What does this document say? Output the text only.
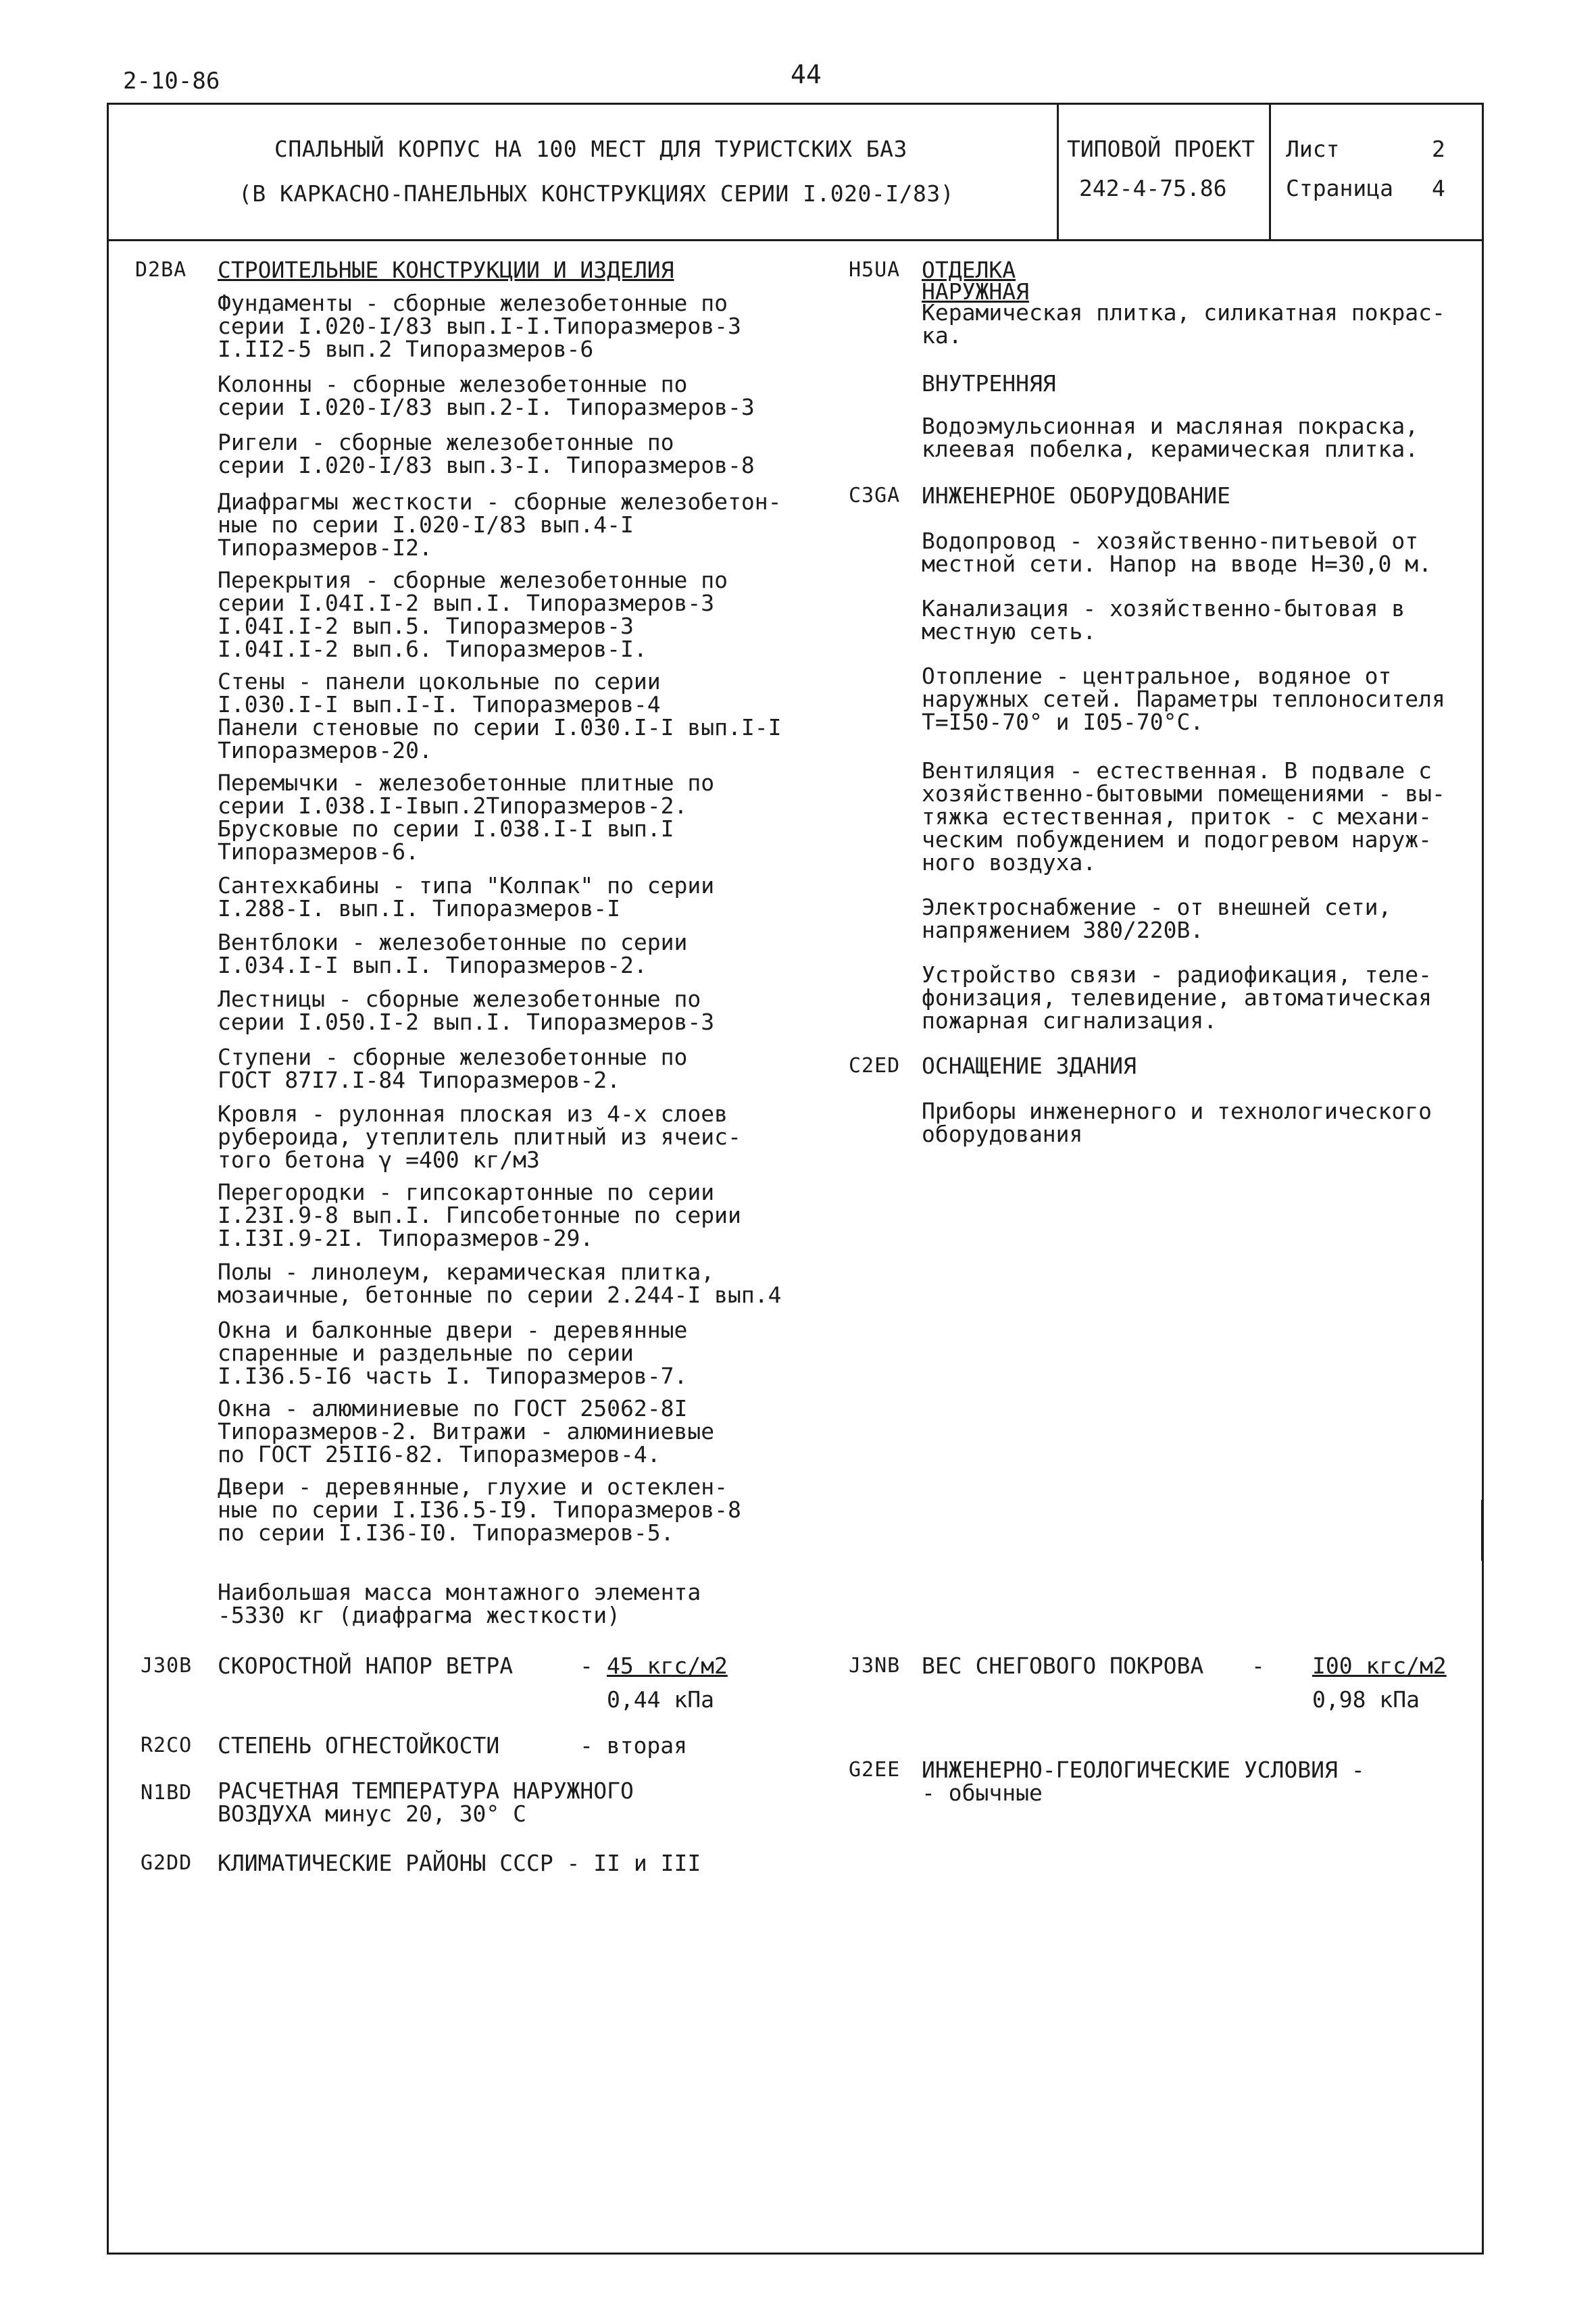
2-10-86	44
СПАЛЬНЫЙ КОРПУС НА 100 МЕСТ ДЛЯ ТУРИСТСКИХ БАЗ
(В КАРКАСНО-ПАНЕЛЬНЫХ КОНСТРУКЦИЯХ СЕРИИ I.020-I/83)
ТИПОВОЙ ПРОЕКТ
242-4-75.86
Лист	2
Страница 4
D2BA СТРОИТЕЛЬНЫЕ КОНСТРУКЦИИ И ИЗДЕЛИЯ
Фундаменты - сборные железобетонные по
серии I.020-I/83 вып.I-I.Типоразмеров-3
I.II2-5 вып.2 Типоразмеров-6
Колонны - сборные железобетонные по
серии I.020-I/83 вып.2-I. Типоразмеров-3
Ригели - сборные железобетонные по
серии I.020-I/83 вып.3-I. Типоразмеров-8
Диафрагмы жесткости - сборные железобетон-
ные по серии I.020-I/83 вып.4-I
Типоразмеров-I2.
Перекрытия - сборные железобетонные по
серии I.04I.I-2 вып.I. Типоразмеров-3
I.04I.I-2 вып.5. Типоразмеров-3
I.04I.I-2 вып.6. Типоразмеров-I.
Стены - панели цокольные по серии
I.030.I-I вып.I-I. Типоразмеров-4
Панели стеновые по серии I.030.I-I вып.I-I
Типоразмеров-20.
Перемычки - железобетонные плитные по
серии I.038.I-Iвып.2Типоразмеров-2.
Брусковые по серии I.038.I-I вып.I
Типоразмеров-6.
Сантехкабины - типа "Колпак" по серии
I.288-I. вып.I. Типоразмеров-I
Вентблоки - железобетонные по серии
I.034.I-I вып.I. Типоразмеров-2.
Лестницы - сборные железобетонные по
серии I.050.I-2 вып.I. Типоразмеров-3
Ступени - сборные железобетонные по
ГОСТ 87I7.I-84 Типоразмеров-2.
Кровля - рулонная плоская из 4-х слоев
рубероида, утеплитель плитный из ячеис-
того бетона γ =400 кг/м3
Перегородки - гипсокартонные по серии
I.23I.9-8 вып.I. Гипсобетонные по серии
I.I3I.9-2I. Типоразмеров-29.
Полы - линолеум, керамическая плитка,
мозаичные, бетонные по серии 2.244-I вып.4
Окна и балконные двери - деревянные
спаренные и раздельные по серии
I.I36.5-I6 часть I. Типоразмеров-7.
Окна - алюминиевые по ГОСТ 25062-8I
Типоразмеров-2. Витражи - алюминиевые
по ГОСТ 25II6-82. Типоразмеров-4.
Двери - деревянные, глухие и остеклен-
ные по серии I.I36.5-I9. Типоразмеров-8
по серии I.I36-I0. Типоразмеров-5.
Наибольшая масса монтажного элемента
-5330 кг (диафрагма жесткости)
H5UA ОТДЕЛКА
НАРУЖНАЯ
Керамическая плитка, силикатная покрас-
ка.
ВНУТРЕННЯЯ
Водоэмульсионная и масляная покраска,
клеевая побелка, керамическая плитка.
C3GA ИНЖЕНЕРНОЕ ОБОРУДОВАНИЕ
Водопровод - хозяйственно-питьевой от
местной сети. Напор на вводе Н=30,0 м.
Канализация - хозяйственно-бытовая в
местную сеть.
Отопление - центральное, водяное от
наружных сетей. Параметры теплоносителя
Т=I50-70° и I05-70°С.
Вентиляция - естественная. В подвале с
хозяйственно-бытовыми помещениями - вы-
тяжка естественная, приток - с механи-
ческим побуждением и подогревом наруж-
ного воздуха.
Электроснабжение - от внешней сети,
напряжением 380/220В.
Устройство связи - радиофикация, теле-
фонизация, телевидение, автоматическая
пожарная сигнализация.
C2ED ОСНАЩЕНИЕ ЗДАНИЯ
Приборы инженерного и технологического
оборудования
J30B СКОРОСТНОЙ НАПОР ВЕТРА	- 45 кгс/м2
0,44 кПа
J3NB ВЕС СНЕГОВОГО ПОКРОВА - I00 кгс/м2
0,98 кПа
R2CO СТЕПЕНЬ ОГНЕСТОЙКОСТИ	- вторая
G2EE ИНЖЕНЕРНО-ГЕОЛОГИЧЕСКИЕ УСЛОВИЯ -
- обычные
N1BD РАСЧЕТНАЯ ТЕМПЕРАТУРА НАРУЖНОГО
ВОЗДУХА минус 20, 30° С
G2DD КЛИМАТИЧЕСКИЕ РАЙОНЫ СССР - II и III
